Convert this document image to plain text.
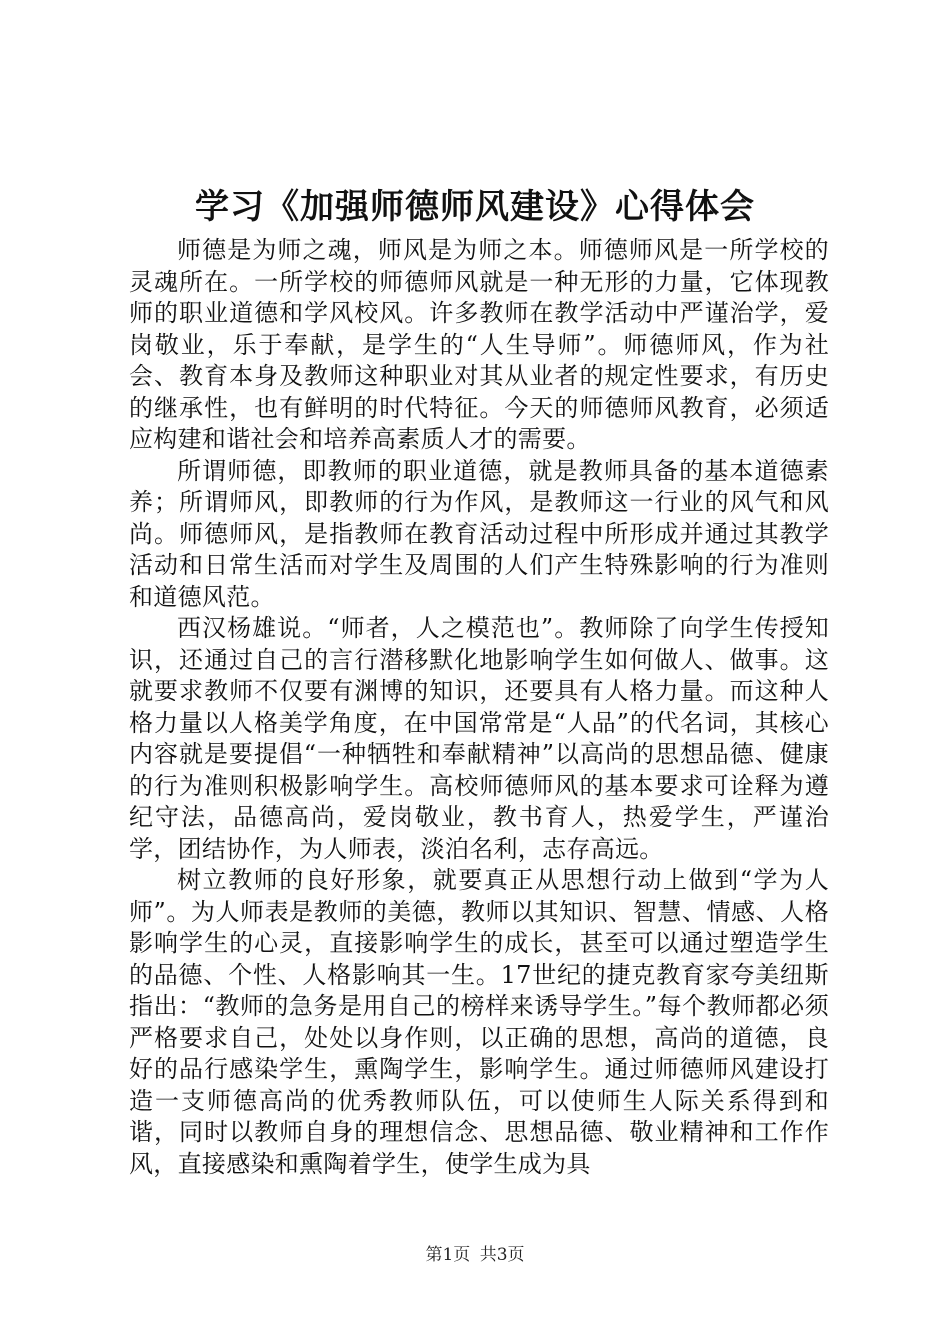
学习《加强师德师风建设》心得体会

师德是为师之魂，师风是为师之本。师德师风是一所学校的灵魂所在。一所学校的师德师风就是一种无形的力量，它体现教师的职业道德和学风校风。许多教师在教学活动中严谨治学，爱岗敬业，乐于奉献，是学生的“人生导师”。师德师风，作为社会、教育本身及教师这种职业对其从业者的规定性要求，有历史的继承性，也有鲜明的时代特征。今天的师德师风教育，必须适应构建和谐社会和培养高素质人才的需要。

所谓师德，即教师的职业道德，就是教师具备的基本道德素养；所谓师风，即教师的行为作风，是教师这一行业的风气和风尚。师德师风，是指教师在教育活动过程中所形成并通过其教学活动和日常生活而对学生及周围的人们产生特殊影响的行为准则和道德风范。

西汉杨雄说。“师者，人之模范也”。教师除了向学生传授知识，还通过自己的言行潜移默化地影响学生如何做人、做事。这就要求教师不仅要有渊博的知识，还要具有人格力量。而这种人格力量以人格美学角度，在中国常常是“人品”的代名词，其核心内容就是要提倡“一种牺牲和奉献精神”以高尚的思想品德、健康的行为准则积极影响学生。高校师德师风的基本要求可诠释为遵纪守法，品德高尚，爱岗敬业，教书育人，热爱学生，严谨治学，团结协作，为人师表，淡泊名利，志存高远。

树立教师的良好形象，就要真正从思想行动上做到“学为人师”。为人师表是教师的美德，教师以其知识、智慧、情感、人格影响学生的心灵，直接影响学生的成长，甚至可以通过塑造学生的品德、个性、人格影响其一生。17世纪的捷克教育家夸美纽斯指出：“教师的急务是用自己的榜样来诱导学生。”每个教师都必须严格要求自己，处处以身作则，以正确的思想，高尚的道德，良好的品行感染学生，熏陶学生，影响学生。通过师德师风建设打造一支师德高尚的优秀教师队伍，可以使师生人际关系得到和谐，同时以教师自身的理想信念、思想品德、敬业精神和工作作风，直接感染和熏陶着学生，使学生成为具

第1页 共3页
